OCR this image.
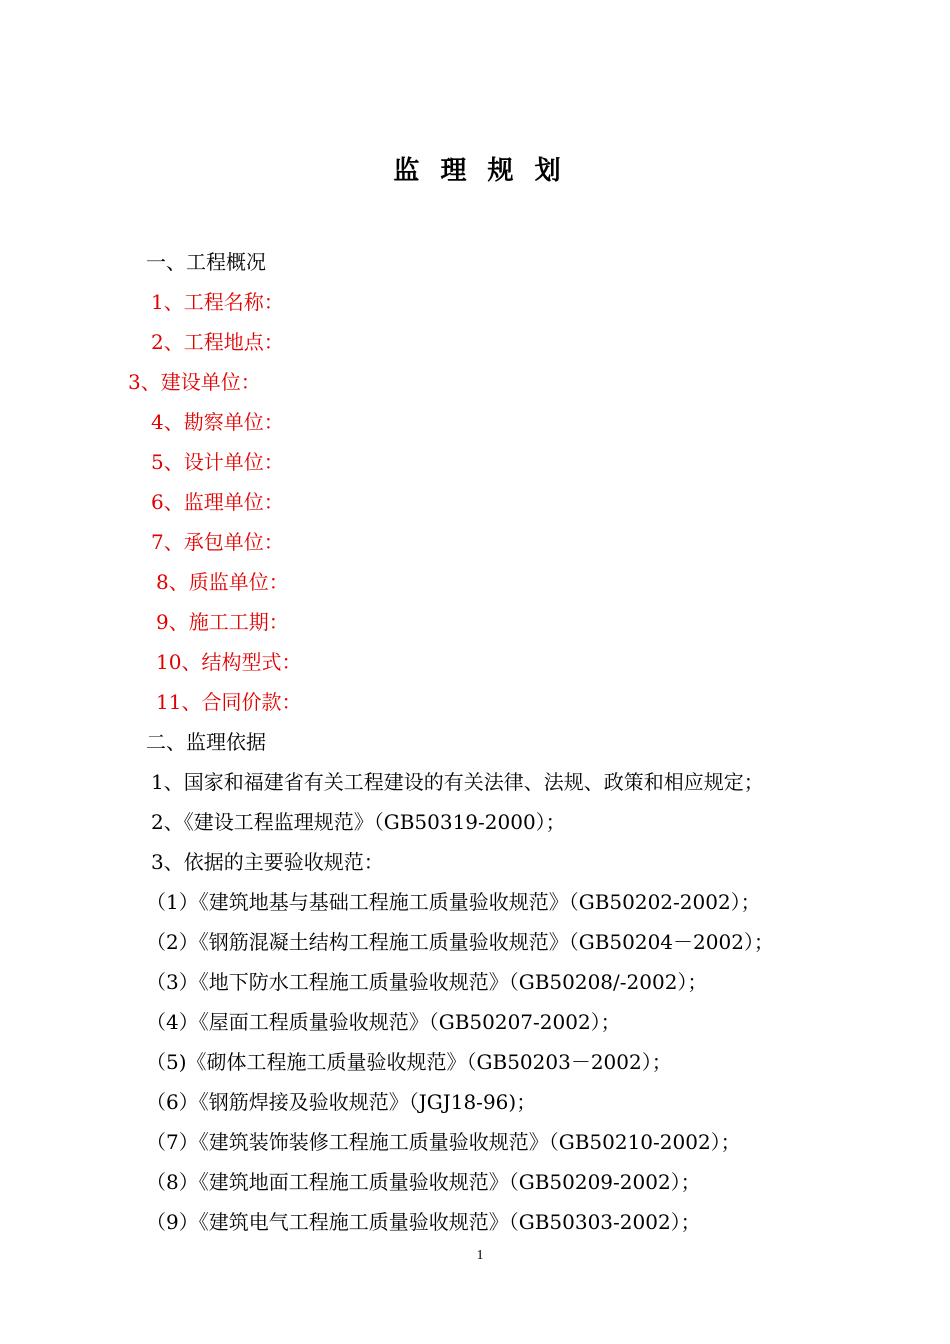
监 理 规 划
一、工程概况
1、工程名称：
2、工程地点：
3、建设单位：
4、勘察单位：
5、设计单位：
6、监理单位：
7、承包单位：
8、质监单位：
9、施工工期：
10、结构型式：
11、合同价款：
二、监理依据
1、国家和福建省有关工程建设的有关法律、法规、政策和相应规定；
2、《建设工程监理规范》（GB50319-2000）；
3、依据的主要验收规范：
（1）《建筑地基与基础工程施工质量验收规范》（GB50202-2002）；
（2）《钢筋混凝土结构工程施工质量验收规范》（GB50204－2002）；
（3）《地下防水工程施工质量验收规范》（GB50208/-2002）；
（4）《屋面工程质量验收规范》（GB50207-2002）；
（5)《砌体工程施工质量验收规范》（GB50203－2002）；
（6）《钢筋焊接及验收规范》（JGJ18-96)；
（7）《建筑装饰装修工程施工质量验收规范》（GB50210-2002）；
（8）《建筑地面工程施工质量验收规范》（GB50209-2002）；
（9）《建筑电气工程施工质量验收规范》（GB50303-2002）；
1
